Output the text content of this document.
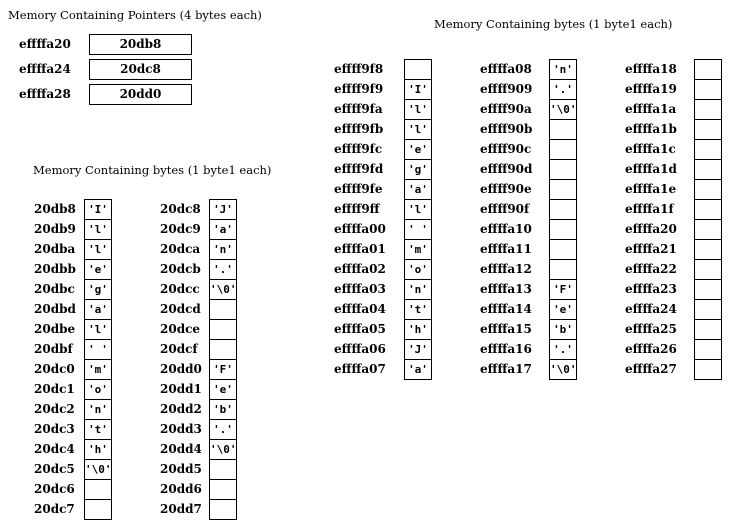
Memory Containing Pointers (4 bytes each)
effffa20	20db8
effffa24	20dc8
effffa28	20dd0
Memory Containing bytes (1 byte1 each)
20db8	'I'
20db9	'l'
20dba	'l'
20dbb	'e'
20dbc	'g'
20dbd	'a'
20dbe	'l'
20dbf	' '
20dc0	'm'
20dc1	'o'
20dc2	'n'
20dc3	't'
20dc4	'h'
20dc5 '\0'
20dc6
20dc7
20dc8	'J'
20dc9	'a'
20dca	'n'
20dcb	'.'
20dcc '\0'
20dcd
20dce
20dcf
20dd0	'F'
20dd1	'e'
20dd2	'b'
20dd3	'.'
20dd4 '\0'
20dd5
20dd6
20dd7
Memory Containing bytes (1 byte1 each)
effff9f8
effff9f9	'I'
effff9fa	'l'
effff9fb	'l'
effff9fc	'e'
effff9fd	'g'
effff9fe	'a'
effff9ff	'l'
effffa00	' '
effffa01	'm'
effffa02	'o'
effffa03	'n'
effffa04	't'
effffa05	'h'
effffa06	'J'
effffa07	'a'
effffa08	'n'
effff909	'.'
effff90a '\0'
effff90b
effff90c
effff90d
effff90e
effff90f
effffa10
effffa11
effffa12
effffa13	'F'
effffa14	'e'
effffa15	'b'
effffa16	'.'
effffa17 '\0'
effffa18
effffa19
effffa1a
effffa1b
effffa1c
effffa1d
effffa1e
effffa1f
effffa20
effffa21
effffa22
effffa23
effffa24
effffa25
effffa26
effffa27
